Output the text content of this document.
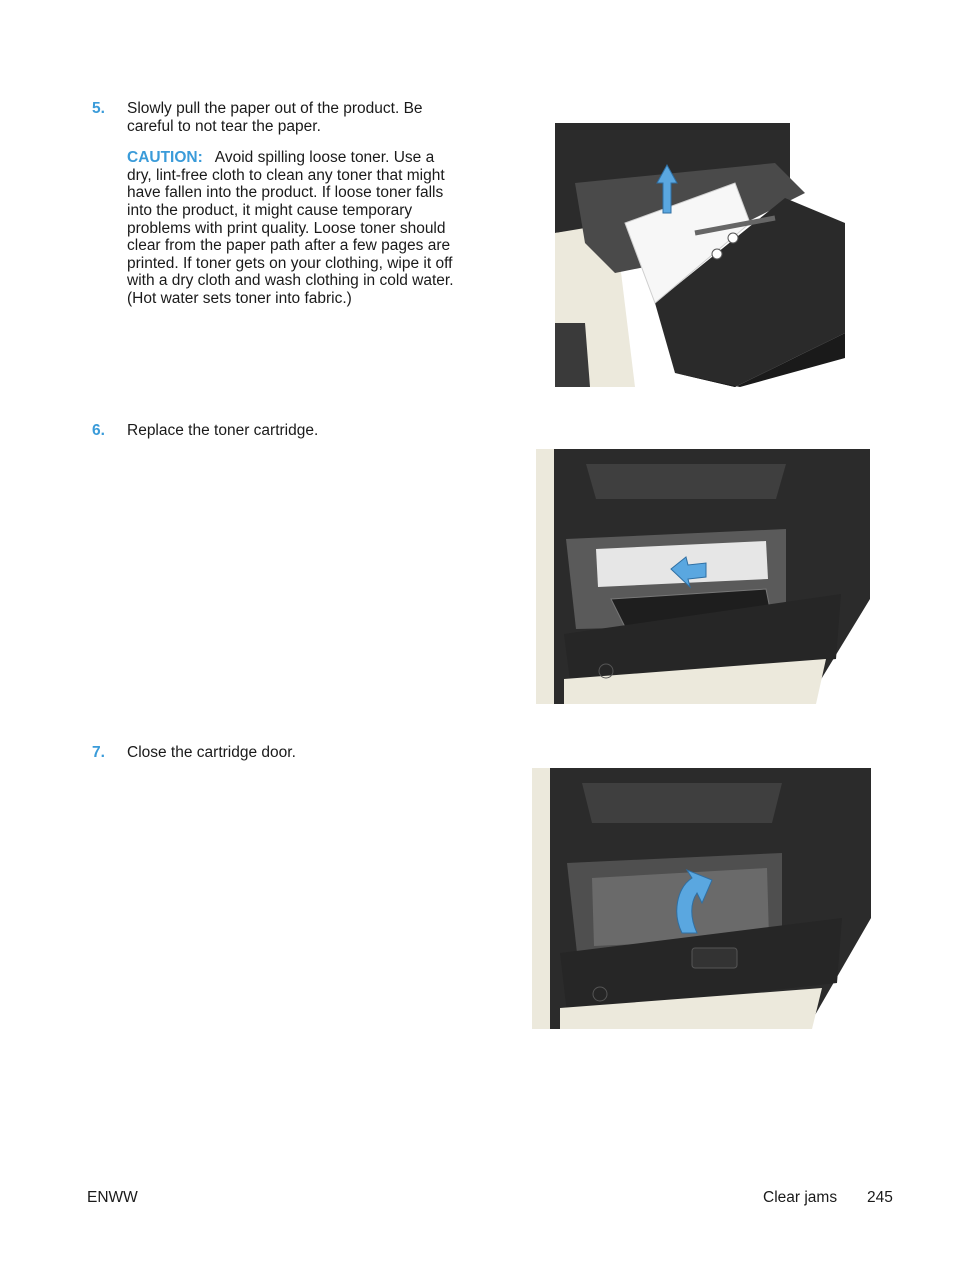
5. Slowly pull the paper out of the product. Be careful to not tear the paper.
CAUTION: Avoid spilling loose toner. Use a dry, lint-free cloth to clean any toner that might have fallen into the product. If loose toner falls into the product, it might cause temporary problems with print quality. Loose toner should clear from the paper path after a few pages are printed. If toner gets on your clothing, wipe it off with a dry cloth and wash clothing in cold water. (Hot water sets toner into fabric.)
6. Replace the toner cartridge.
7. Close the cartridge door.
ENWW	Clear jams 245
